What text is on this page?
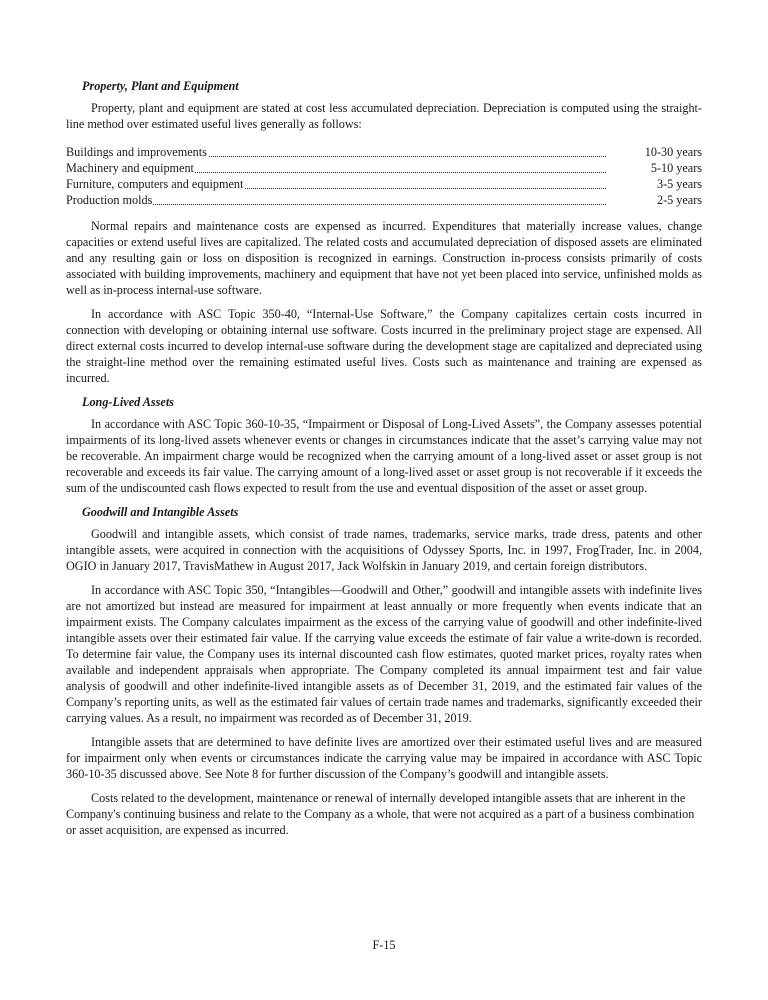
Property, Plant and Equipment

Property, plant and equipment are stated at cost less accumulated depreciation. Depreciation is computed using the straight-line method over estimated useful lives generally as follows:

Buildings and improvements	10-30 years
Machinery and equipment	5-10 years
Furniture, computers and equipment	3-5 years
Production molds	2-5 years

Normal repairs and maintenance costs are expensed as incurred. Expenditures that materially increase values, change capacities or extend useful lives are capitalized. The related costs and accumulated depreciation of disposed assets are eliminated and any resulting gain or loss on disposition is recognized in earnings. Construction in-process consists primarily of costs associated with building improvements, machinery and equipment that have not yet been placed into service, unfinished molds as well as in-process internal-use software.

In accordance with ASC Topic 350-40, “Internal-Use Software,” the Company capitalizes certain costs incurred in connection with developing or obtaining internal use software. Costs incurred in the preliminary project stage are expensed. All direct external costs incurred to develop internal-use software during the development stage are capitalized and depreciated using the straight-line method over the remaining estimated useful lives. Costs such as maintenance and training are expensed as incurred.

Long-Lived Assets

In accordance with ASC Topic 360-10-35, “Impairment or Disposal of Long-Lived Assets”, the Company assesses potential impairments of its long-lived assets whenever events or changes in circumstances indicate that the asset’s carrying value may not be recoverable. An impairment charge would be recognized when the carrying amount of a long-lived asset or asset group is not recoverable and exceeds its fair value. The carrying amount of a long-lived asset or asset group is not recoverable if it exceeds the sum of the undiscounted cash flows expected to result from the use and eventual disposition of the asset or asset group.

Goodwill and Intangible Assets

Goodwill and intangible assets, which consist of trade names, trademarks, service marks, trade dress, patents and other intangible assets, were acquired in connection with the acquisitions of Odyssey Sports, Inc. in 1997, FrogTrader, Inc. in 2004, OGIO in January 2017, TravisMathew in August 2017, Jack Wolfskin in January 2019, and certain foreign distributors.

In accordance with ASC Topic 350, “Intangibles—Goodwill and Other,” goodwill and intangible assets with indefinite lives are not amortized but instead are measured for impairment at least annually or more frequently when events indicate that an impairment exists. The Company calculates impairment as the excess of the carrying value of goodwill and other indefinite-lived intangible assets over their estimated fair value. If the carrying value exceeds the estimate of fair value a write-down is recorded. To determine fair value, the Company uses its internal discounted cash flow estimates, quoted market prices, royalty rates when available and independent appraisals when appropriate. The Company completed its annual impairment test and fair value analysis of goodwill and other indefinite-lived intangible assets as of December 31, 2019, and the estimated fair values of the Company’s reporting units, as well as the estimated fair values of certain trade names and trademarks, significantly exceeded their carrying values. As a result, no impairment was recorded as of December 31, 2019.

Intangible assets that are determined to have definite lives are amortized over their estimated useful lives and are measured for impairment only when events or circumstances indicate the carrying value may be impaired in accordance with ASC Topic 360-10-35 discussed above. See Note 8 for further discussion of the Company’s goodwill and intangible assets.

Costs related to the development, maintenance or renewal of internally developed intangible assets that are inherent in the Company's continuing business and relate to the Company as a whole, that were not acquired as a part of a business combination or asset acquisition, are expensed as incurred.

F-15
